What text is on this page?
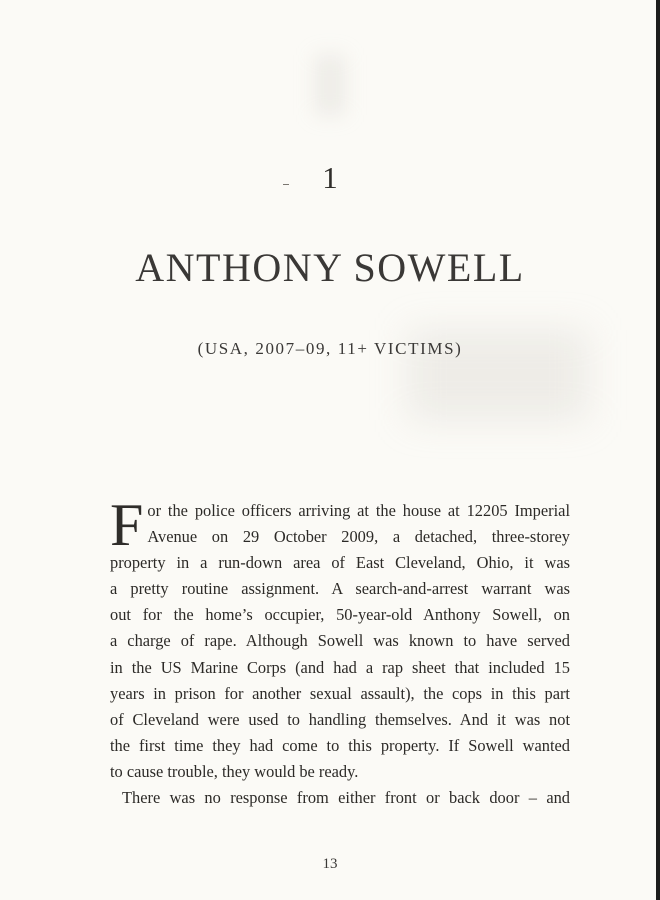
1
ANTHONY SOWELL
(USA, 2007–09, 11+ VICTIMS)
F or the police officers arriving at the house at 12205 Imperial
Avenue on 29 October 2009, a detached, three-storey
property in a run-down area of East Cleveland, Ohio, it was
a pretty routine assignment. A search-and-arrest warrant was
out for the home’s occupier, 50-year-old Anthony Sowell, on
a charge of rape. Although Sowell was known to have served
in the US Marine Corps (and had a rap sheet that included 15
years in prison for another sexual assault), the cops in this part
of Cleveland were used to handling themselves. And it was not
the first time they had come to this property. If Sowell wanted
to cause trouble, they would be ready.
There was no response from either front or back door – and
13
